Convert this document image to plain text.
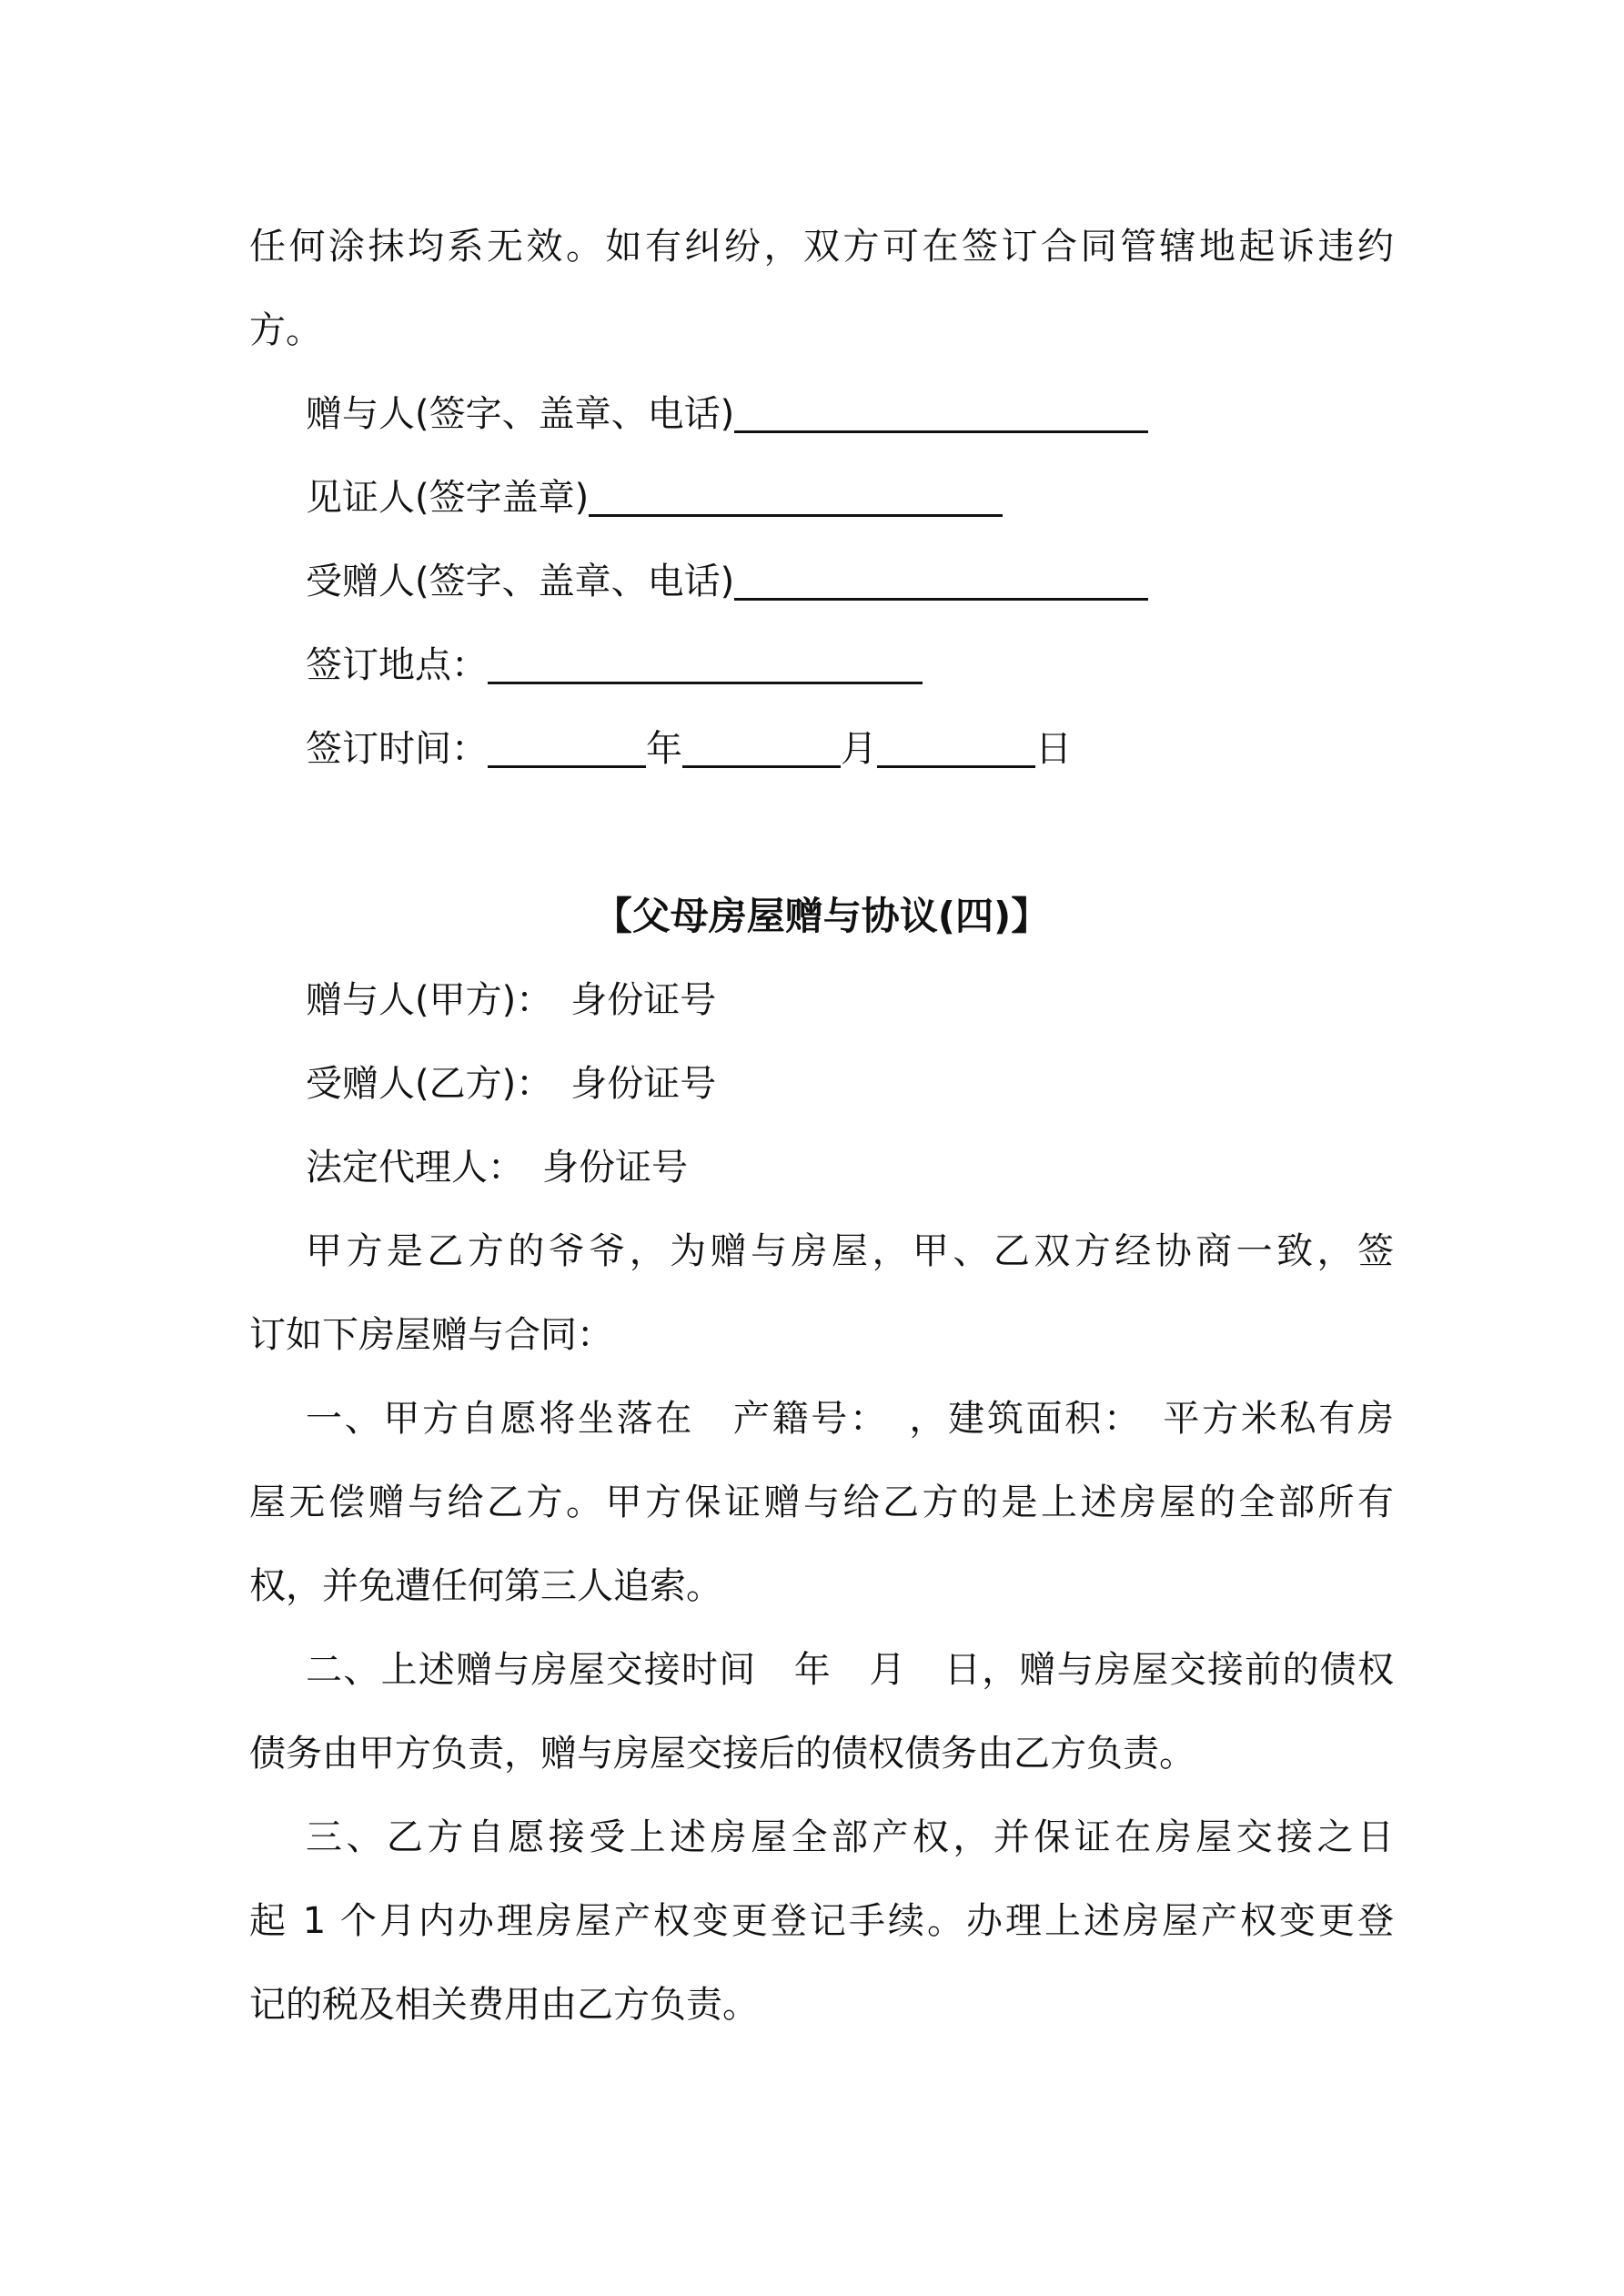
任何涂抹均系无效。如有纠纷，双方可在签订合同管辖地起诉违约
方。
赠与人(签字、盖章、电话)
见证人(签字盖章)
受赠人(签字、盖章、电话)
签订地点：
签订时间：	年	月	日
【父母房屋赠与协议(四)】
赠与人(甲方)：　身份证号
受赠人(乙方)：　身份证号
法定代理人：　身份证号
甲方是乙方的爷爷，为赠与房屋，甲、乙双方经协商一致，签
订如下房屋赠与合同：
一、甲方自愿将坐落在　产籍号：　，建筑面积：　平方米私有房
屋无偿赠与给乙方。甲方保证赠与给乙方的是上述房屋的全部所有
权，并免遭任何第三人追索。
二、上述赠与房屋交接时间　年　月　日，赠与房屋交接前的债权
债务由甲方负责，赠与房屋交接后的债权债务由乙方负责。
三、乙方自愿接受上述房屋全部产权，并保证在房屋交接之日
起 1 个月内办理房屋产权变更登记手续。办理上述房屋产权变更登
记的税及相关费用由乙方负责。
